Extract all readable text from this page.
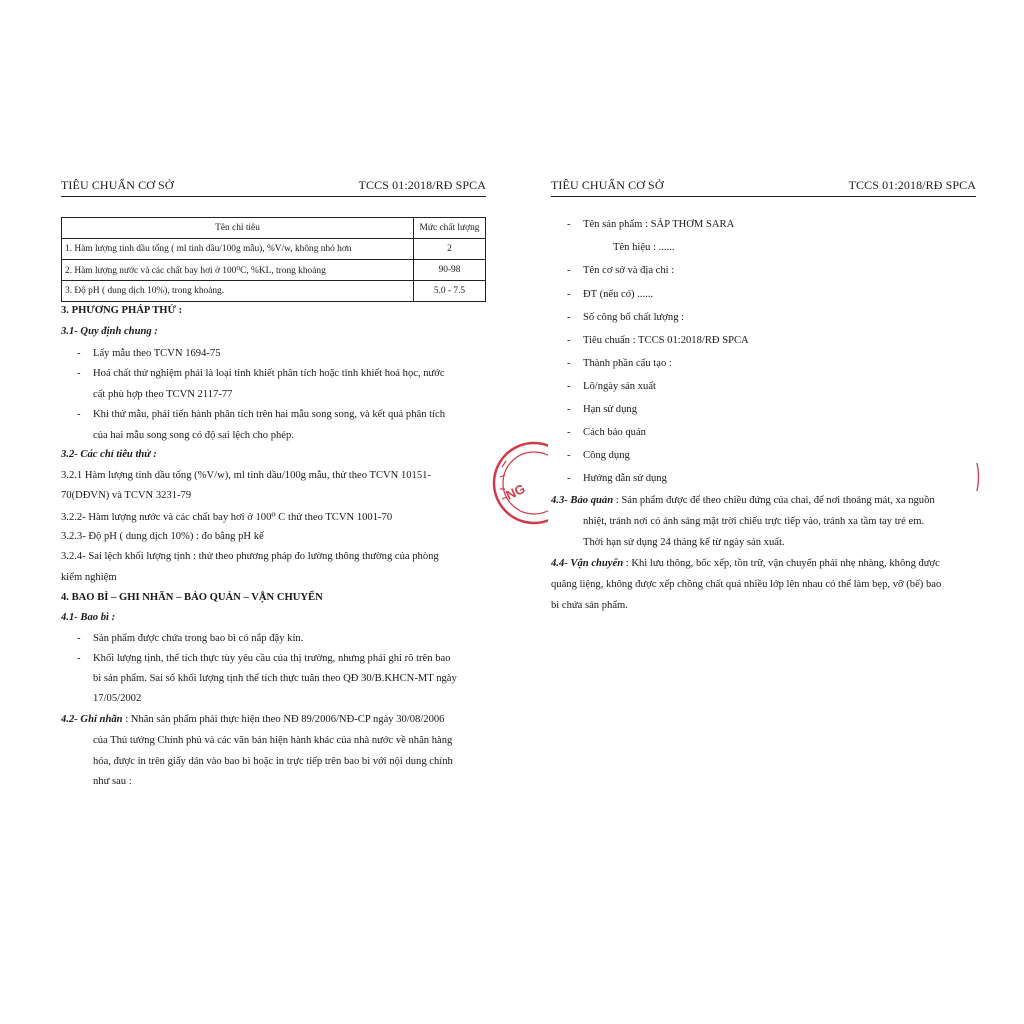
TIÊU CHUẨN CƠ SỞ	TCCS 01:2018/RĐ SPCA
Tên chỉ tiêu	Mức chất lượng
1. Hàm lượng tinh dầu tổng ( ml tinh dầu/100g mẫu), %V/w, không nhỏ hơn	2
2. Hàm lượng nước và các chất bay hơi ở 100⁰C, %KL, trong khoảng	90-98
3. Độ pH ( dung dịch 10%), trong khoảng.	5.0 - 7.5
3. PHƯƠNG PHÁP THỬ :
3.1- Quy định chung :
- Lấy mẫu theo TCVN 1694-75
- Hoá chất thử nghiệm phải là loại tinh khiết phân tích hoặc tinh khiết hoá học, nước
cất phù hợp theo TCVN 2117-77
- Khi thử mẫu, phải tiến hành phân tích trên hai mẫu song song, và kết quả phân tích
của hai mẫu song song có độ sai lệch cho phép.
3.2- Các chỉ tiêu thử :
3.2.1 Hàm lượng tinh dầu tổng (%V/w), ml tinh dầu/100g mẫu, thử theo TCVN 10151-
70(DĐVN) và TCVN 3231-79
3.2.2- Hàm lượng nước và các chất bay hơi ở 100⁰ C thử theo TCVN 1001-70
3.2.3- Độ pH ( dung dịch 10%) : đo bằng pH kế
3.2.4- Sai lệch khối lượng tịnh : thử theo phương pháp đo lường thông thường của phòng
kiểm nghiệm
4. BAO BÌ – GHI NHÃN – BẢO QUẢN – VẬN CHUYỂN
4.1- Bao bì :
- Sản phẩm được chứa trong bao bì có nắp đậy kín.
- Khối lượng tịnh, thể tích thực tùy yêu cầu của thị trường, nhưng phải ghi rõ trên bao
bì sản phẩm. Sai số khối lượng tịnh thể tích thực tuân theo QĐ 30/B.KHCN-MT ngày
17/05/2002
4.2- Ghi nhãn : Nhãn sản phẩm phải thực hiện theo NĐ 89/2006/NĐ-CP ngày 30/08/2006
của Thủ tướng Chính phủ và các văn bản hiện hành khác của nhà nước về nhãn hàng
hóa, được in trên giấy dán vào bao bì hoặc in trực tiếp trên bao bì với nội dung chính
như sau :
NG
TIÊU CHUẨN CƠ SỞ	TCCS 01:2018/RĐ SPCA
- Tên sản phẩm : SÁP THƠM SARA
Tên hiệu : ......
- Tên cơ sở và địa chỉ :
- ĐT (nếu có) ......
- Số công bố chất lượng :
- Tiêu chuẩn : TCCS 01:2018/RĐ SPCA
- Thành phần cấu tạo :
- Lô/ngày sản xuất
- Hạn sử dụng
- Cách bảo quản
- Công dụng
- Hướng dẫn sử dụng
4.3- Bảo quản : Sản phẩm được để theo chiều đứng của chai, để nơi thoáng mát, xa nguồn
nhiệt, tránh nơi có ánh sáng mặt trời chiếu trực tiếp vào, tránh xa tầm tay trẻ em.
Thời hạn sử dụng 24 tháng kể từ ngày sản xuất.
4.4- Vận chuyển : Khi lưu thông, bốc xếp, tồn trữ, vận chuyển phải nhẹ nhàng, không được
quăng liệng, không được xếp chồng chất quá nhiều lớp lên nhau có thể làm bẹp, vỡ (bể) bao
bì chứa sản phẩm.
